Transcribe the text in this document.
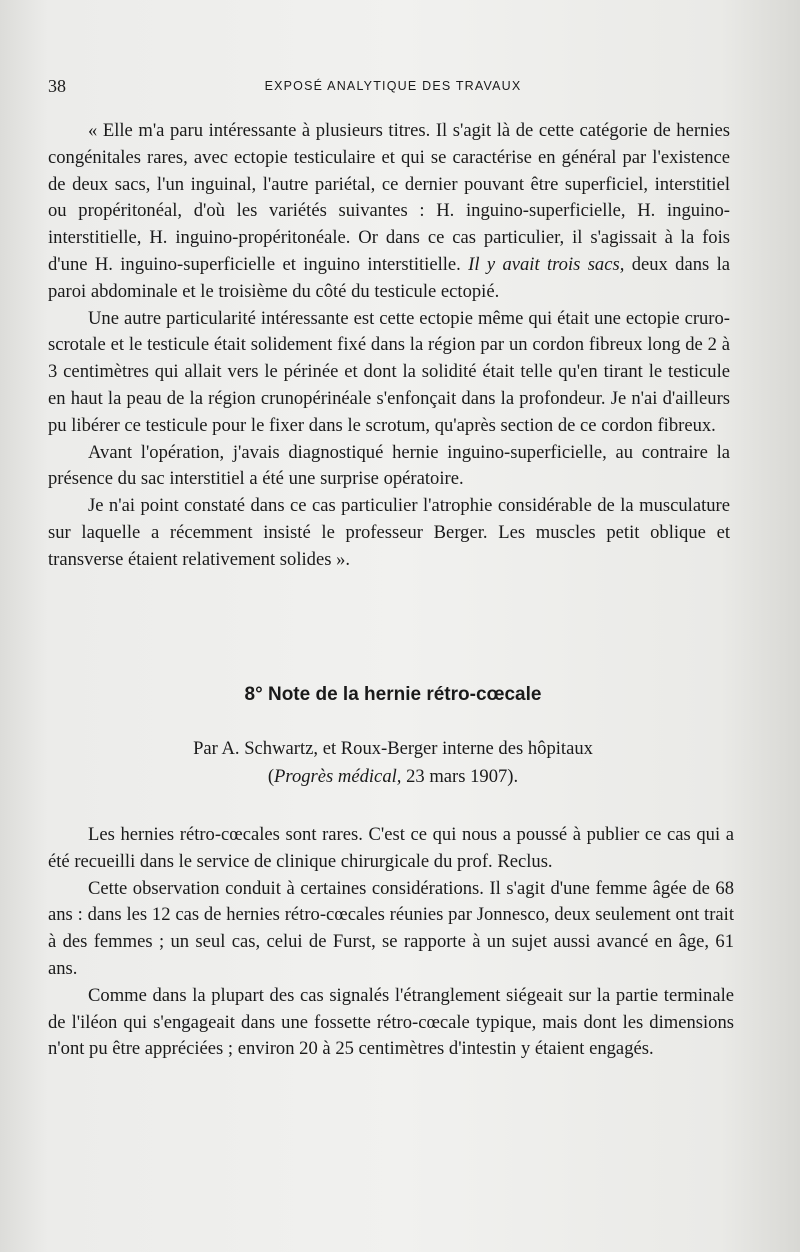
38	EXPOSÉ ANALYTIQUE DES TRAVAUX

« Elle m'a paru intéressante à plusieurs titres. Il s'agit là de cette catégorie de hernies congénitales rares, avec ectopie testiculaire et qui se caractérise en général par l'existence de deux sacs, l'un inguinal, l'autre pariétal, ce dernier pouvant être superficiel, interstitiel ou propéritonéal, d'où les variétés suivantes : H. inguino-superficielle, H. inguino-interstitielle, H. inguino-propéritonéale. Or dans ce cas particulier, il s'agissait à la fois d'une H. inguino-superficielle et inguino interstitielle. Il y avait trois sacs, deux dans la paroi abdominale et le troisième du côté du testicule ectopié.

Une autre particularité intéressante est cette ectopie même qui était une ectopie cruro-scrotale et le testicule était solidement fixé dans la région par un cordon fibreux long de 2 à 3 centimètres qui allait vers le périnée et dont la solidité était telle qu'en tirant le testicule en haut la peau de la région crunopérinéale s'enfonçait dans la profondeur. Je n'ai d'ailleurs pu libérer ce testicule pour le fixer dans le scrotum, qu'après section de ce cordon fibreux.

Avant l'opération, j'avais diagnostiqué hernie inguino-superficielle, au contraire la présence du sac interstitiel a été une surprise opératoire.

Je n'ai point constaté dans ce cas particulier l'atrophie considérable de la musculature sur laquelle a récemment insisté le professeur Berger. Les muscles petit oblique et transverse étaient relativement solides ».

8° Note de la hernie rétro-cœcale
Par A. Schwartz, et Roux-Berger interne des hôpitaux
(Progrès médical, 23 mars 1907).

Les hernies rétro-cœcales sont rares. C'est ce qui nous a poussé à publier ce cas qui a été recueilli dans le service de clinique chirurgicale du prof. Reclus.

Cette observation conduit à certaines considérations. Il s'agit d'une femme âgée de 68 ans : dans les 12 cas de hernies rétro-cœcales réunies par Jonnesco, deux seulement ont trait à des femmes ; un seul cas, celui de Furst, se rapporte à un sujet aussi avancé en âge, 61 ans.

Comme dans la plupart des cas signalés l'étranglement siégeait sur la partie terminale de l'iléon qui s'engageait dans une fossette rétro-cœcale typique, mais dont les dimensions n'ont pu être appréciées ; environ 20 à 25 centimètres d'intestin y étaient engagés.
